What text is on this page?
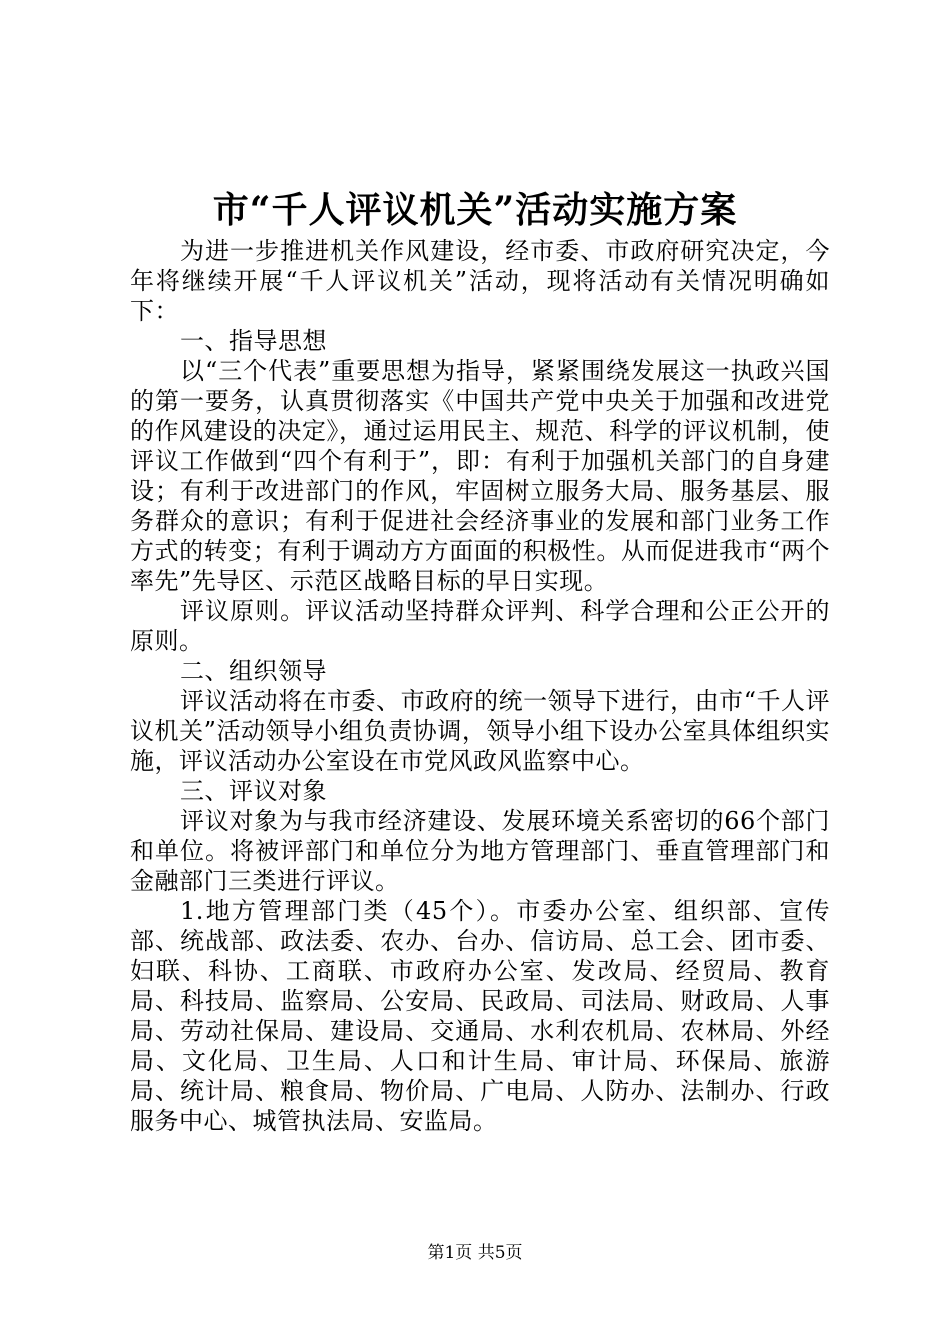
市“千人评议机关”活动实施方案

为进一步推进机关作风建设，经市委、市政府研究决定，今年将继续开展“千人评议机关”活动，现将活动有关情况明确如下：

一、指导思想

以“三个代表”重要思想为指导，紧紧围绕发展这一执政兴国的第一要务，认真贯彻落实《中国共产党中央关于加强和改进党的作风建设的决定》，通过运用民主、规范、科学的评议机制，使评议工作做到“四个有利于”，即：有利于加强机关部门的自身建设；有利于改进部门的作风，牢固树立服务大局、服务基层、服务群众的意识；有利于促进社会经济事业的发展和部门业务工作方式的转变；有利于调动方方面面的积极性。从而促进我市“两个率先”先导区、示范区战略目标的早日实现。

评议原则。评议活动坚持群众评判、科学合理和公正公开的原则。

二、组织领导

评议活动将在市委、市政府的统一领导下进行，由市“千人评议机关”活动领导小组负责协调，领导小组下设办公室具体组织实施，评议活动办公室设在市党风政风监察中心。

三、评议对象

评议对象为与我市经济建设、发展环境关系密切的66个部门和单位。将被评部门和单位分为地方管理部门、垂直管理部门和金融部门三类进行评议。

1.地方管理部门类（45个）。市委办公室、组织部、宣传部、统战部、政法委、农办、台办、信访局、总工会、团市委、妇联、科协、工商联、市政府办公室、发改局、经贸局、教育局、科技局、监察局、公安局、民政局、司法局、财政局、人事局、劳动社保局、建设局、交通局、水利农机局、农林局、外经局、文化局、卫生局、人口和计生局、审计局、环保局、旅游局、统计局、粮食局、物价局、广电局、人防办、法制办、行政服务中心、城管执法局、安监局。

第1页 共5页
